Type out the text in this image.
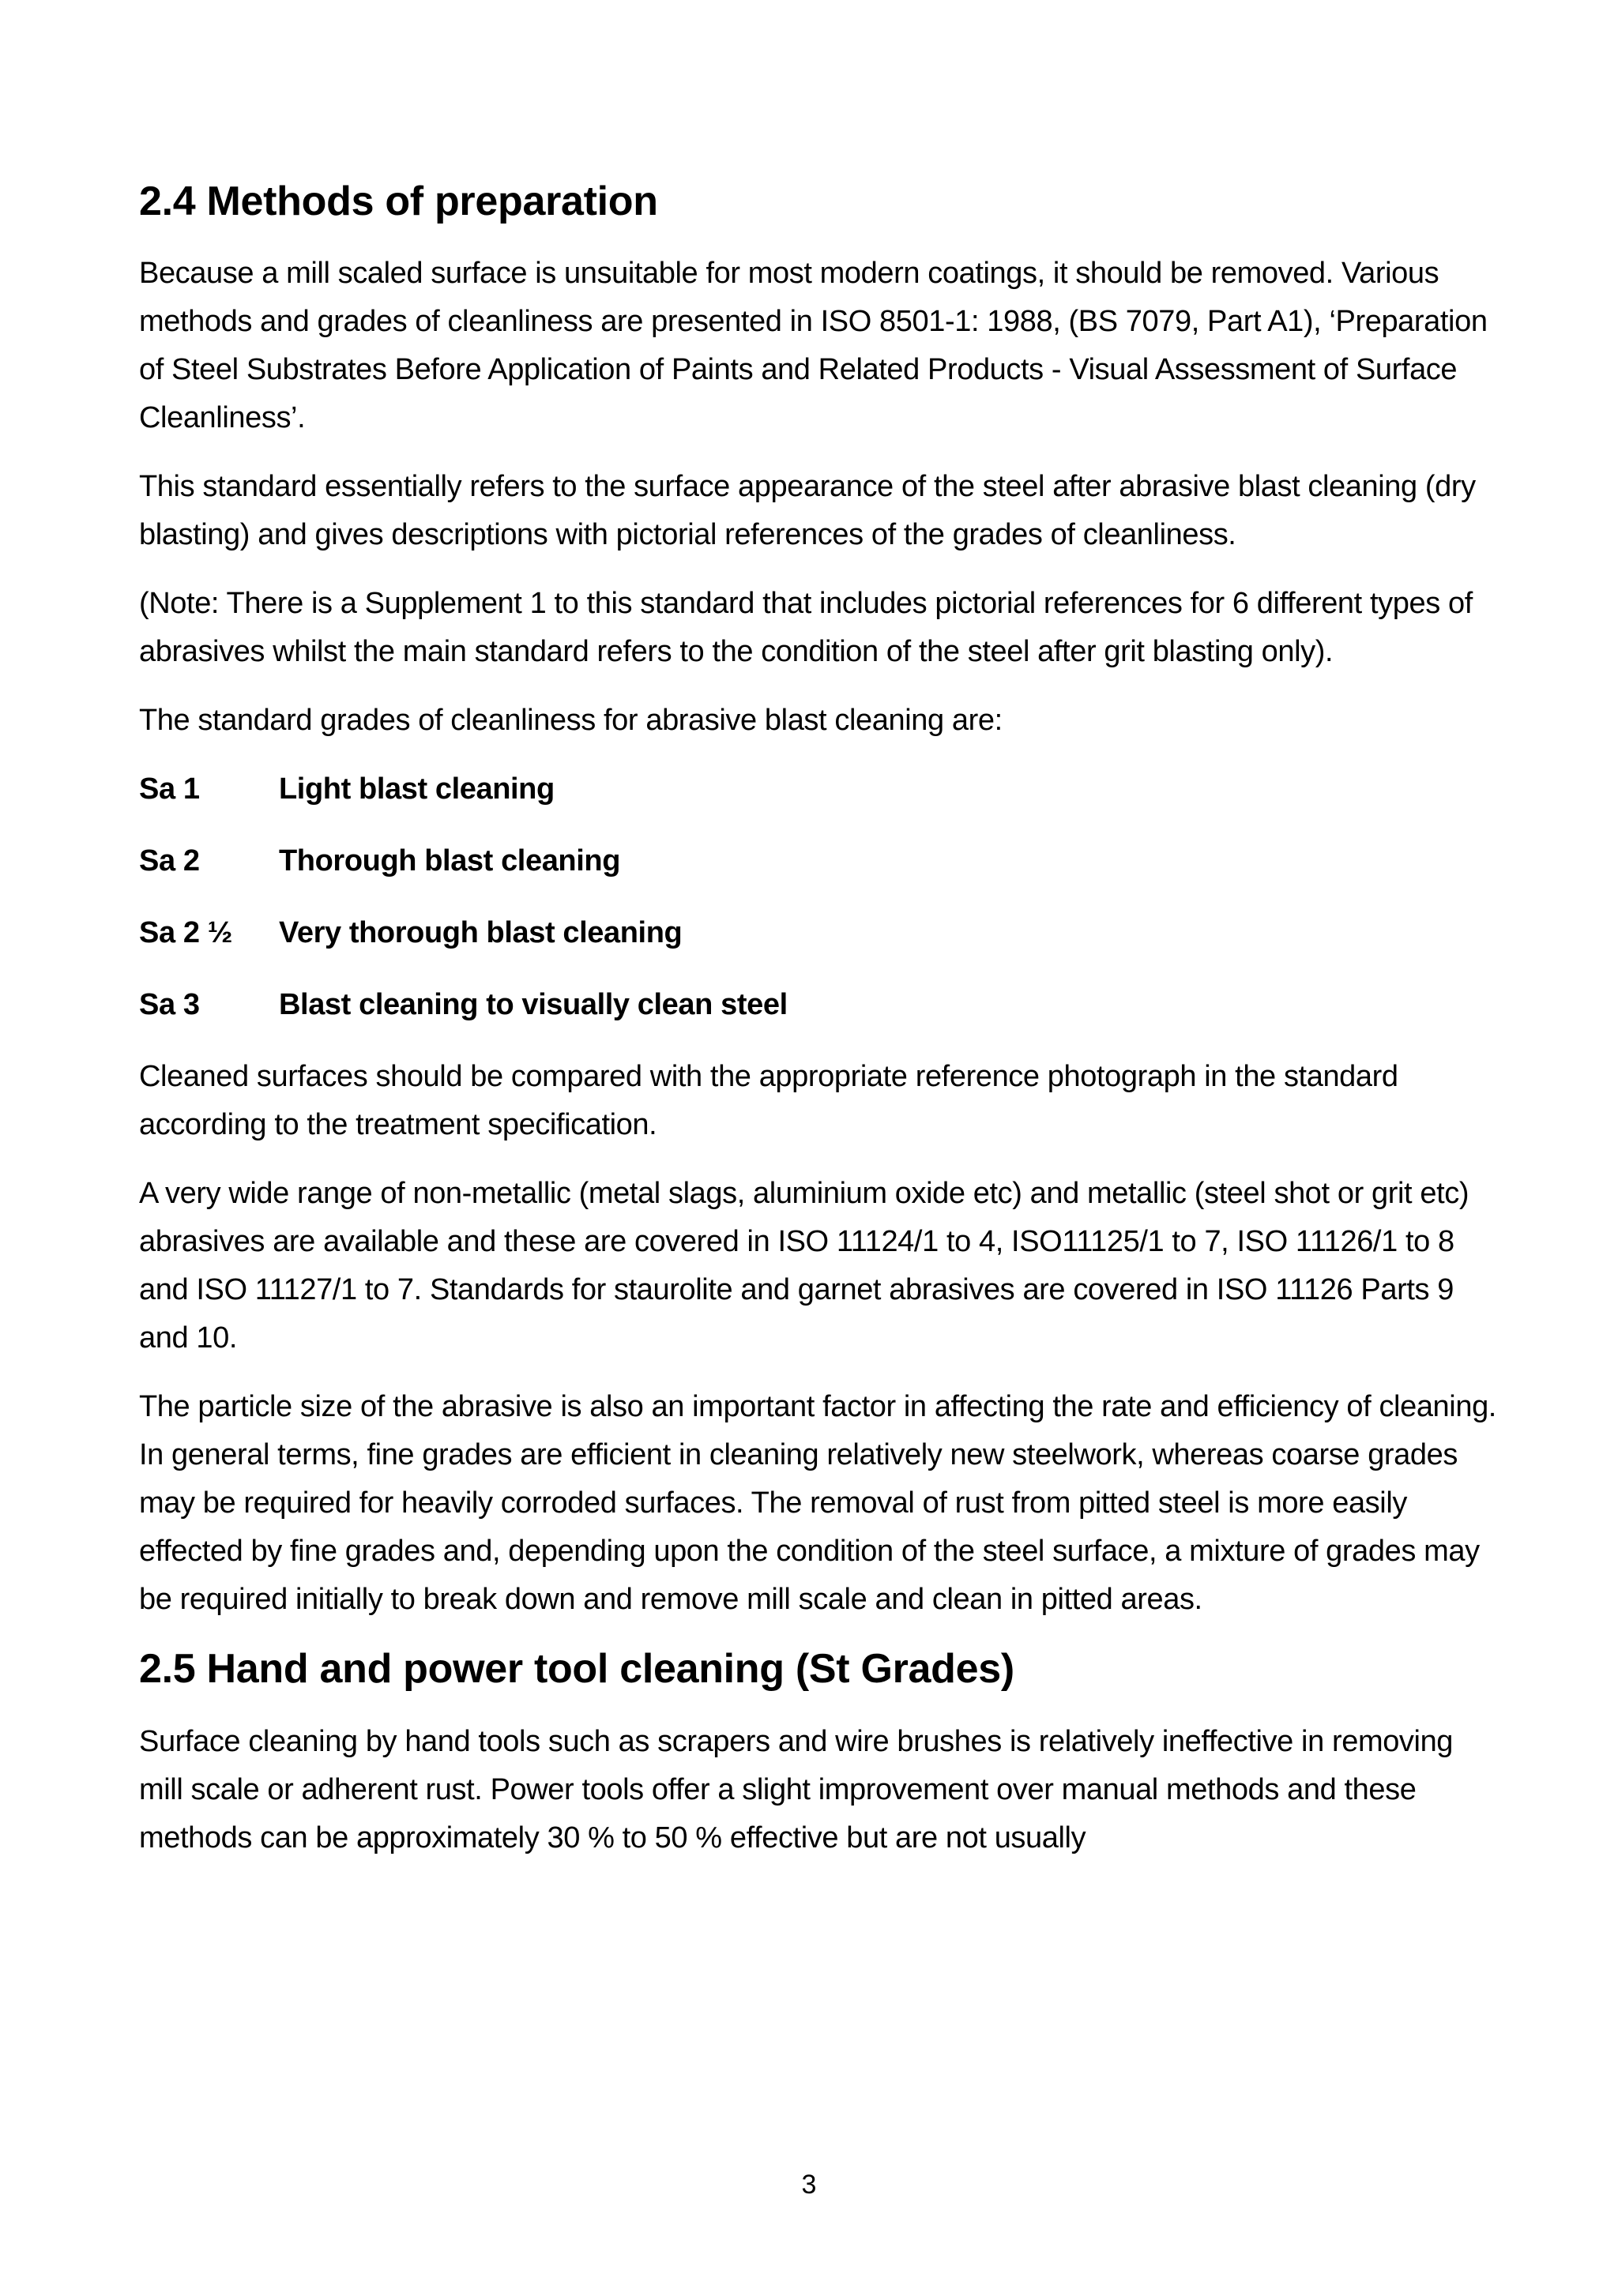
2.4 Methods of preparation

Because a mill scaled surface is unsuitable for most modern coatings, it should be removed. Various methods and grades of cleanliness are presented in ISO 8501-1: 1988, (BS 7079, Part A1), ‘Preparation of Steel Substrates Before Application of Paints and Related Products - Visual Assessment of Surface Cleanliness’.

This standard essentially refers to the surface appearance of the steel after abrasive blast cleaning (dry blasting) and gives descriptions with pictorial references of the grades of cleanliness.

(Note: There is a Supplement 1 to this standard that includes pictorial references for 6 different types of abrasives whilst the main standard refers to the condition of the steel after grit blasting only).

The standard grades of cleanliness for abrasive blast cleaning are:

Sa 1	Light blast cleaning
Sa 2	Thorough blast cleaning
Sa 2 ½	Very thorough blast cleaning
Sa 3	Blast cleaning to visually clean steel

Cleaned surfaces should be compared with the appropriate reference photograph in the standard according to the treatment specification.

A very wide range of non-metallic (metal slags, aluminium oxide etc) and metallic (steel shot or grit etc) abrasives are available and these are covered in ISO 11124/1 to 4, ISO11125/1 to 7, ISO 11126/1 to 8 and ISO 11127/1 to 7. Standards for staurolite and garnet abrasives are covered in ISO 11126 Parts 9 and 10.

The particle size of the abrasive is also an important factor in affecting the rate and efficiency of cleaning. In general terms, fine grades are efficient in cleaning relatively new steelwork, whereas coarse grades may be required for heavily corroded surfaces. The removal of rust from pitted steel is more easily effected by fine grades and, depending upon the condition of the steel surface, a mixture of grades may be required initially to break down and remove mill scale and clean in pitted areas.

2.5 Hand and power tool cleaning (St Grades)

Surface cleaning by hand tools such as scrapers and wire brushes is relatively ineffective in removing mill scale or adherent rust. Power tools offer a slight improvement over manual methods and these methods can be approximately 30 % to 50 % effective but are not usually

3
